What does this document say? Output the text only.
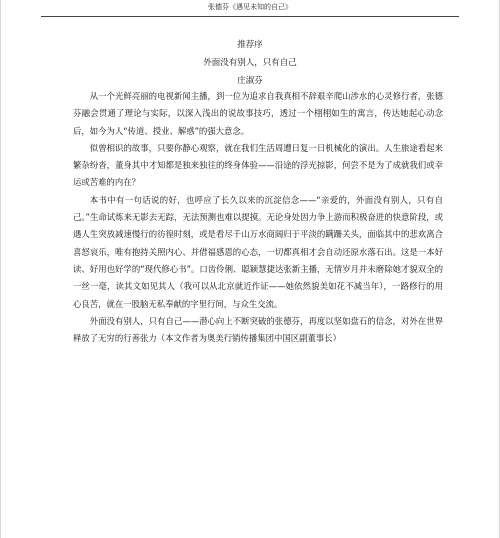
张德芬《遇见未知的自己》
推荐序
外面没有别人，只有自己
庄淑芬

从一个光鲜亮丽的电视新闻主播，到一位为追求自我真相不辞艰辛爬山涉水的心灵修行者，张德芬融会贯通了理论与实际，以深入浅出的说故事技巧，透过一个栩栩如生的寓言，传达她起心动念后，如今为人“传道、授业、解惑”的强大意念。

似曾相识的故事，只要你静心观察，就在我们生活周遭日复一日机械化的演出。人生旅途看起来繁杂纷沓，董身其中才知都是独来独往的终身体验——沿途的浮光掠影，何尝不是为了成就我们或幸运或苦难的内在？

本书中有一句话说的好，也呼应了长久以来的沉淀信念——“亲爱的，外面没有别人，只有自己。”生命试炼来无影去无踪，无法预测也难以提摸。无论身处因力争上游而积极奋进的快意阶段，或遇人生突放减速慢行的彷徨时刻，或是看尽千山万水商阔归于平淡的蹒跚关头，面临其中的悲欢离合喜怒哀乐，唯有抱持关照内心、并借福感恩的心态，一切都真相才会自动还原水落石出。这是一本好读、好用也好学的“现代修心书”。口齿伶俐、聪颖慧捷达张新主播，无情岁月并未磨除她才貌双全的一丝一毫，读其文如见其人（我可以从北京就近作证——她依然貌美如花不减当年），一路修行的用心良苦，就在一股脑无私奉献的字里行间，与众生交流。

外面没有别人，只有自己——潜心向上不断突破的张德芬，再度以坚如盘石的信念，对外在世界释放了无穷的行善张力（本文作者为奥美行销传播集团中国区副董事长）
